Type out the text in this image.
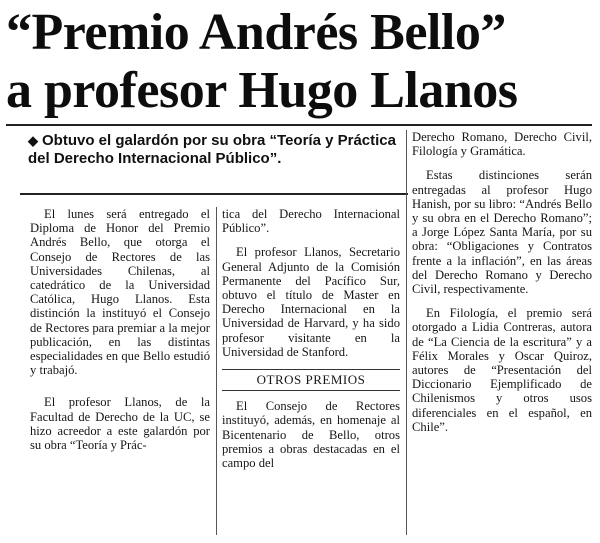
“Premio Andrés Bello”
a profesor Hugo Llanos
◆ Obtuvo el galardón por su obra “Teoría y Práctica del Derecho Internacional Público”.

El lunes será entregado el Diploma de Honor del Premio Andrés Bello, que otorga el Consejo de Rectores de las Universidades Chilenas, al catedrático de la Universidad Católica, Hugo Llanos. Esta distinción la instituyó el Consejo de Rectores para premiar a la mejor publicación, en las distintas especialidades en que Bello estudió y trabajó.

El profesor Llanos, de la Facultad de Derecho de la UC, se hizo acreedor a este galardón por su obra “Teoría y Prác-

tica del Derecho Internacional Público”.

El profesor Llanos, Secretario General Adjunto de la Comisión Permanente del Pacífico Sur, obtuvo el título de Master en Derecho Internacional en la Universidad de Harvard, y ha sido profesor visitante en la Universidad de Stanford.

OTROS PREMIOS

El Consejo de Rectores instituyó, además, en homenaje al Bicentenario de Bello, otros premios a obras destacadas en el campo del

Derecho Romano, Derecho Civil, Filología y Gramática.

Estas distinciones serán entregadas al profesor Hugo Hanish, por su libro: “Andrés Bello y su obra en el Derecho Romano”; a Jorge López Santa María, por su obra: “Obligaciones y Contratos frente a la inflación”, en las áreas del Derecho Romano y Derecho Civil, respectivamente.

En Filología, el premio será otorgado a Lidia Contreras, autora de “La Ciencia de la escritura” y a Félix Morales y Oscar Quiroz, autores de “Presentación del Diccionario Ejemplificado de Chilenismos y otros usos diferenciales en el español, en Chile”.
